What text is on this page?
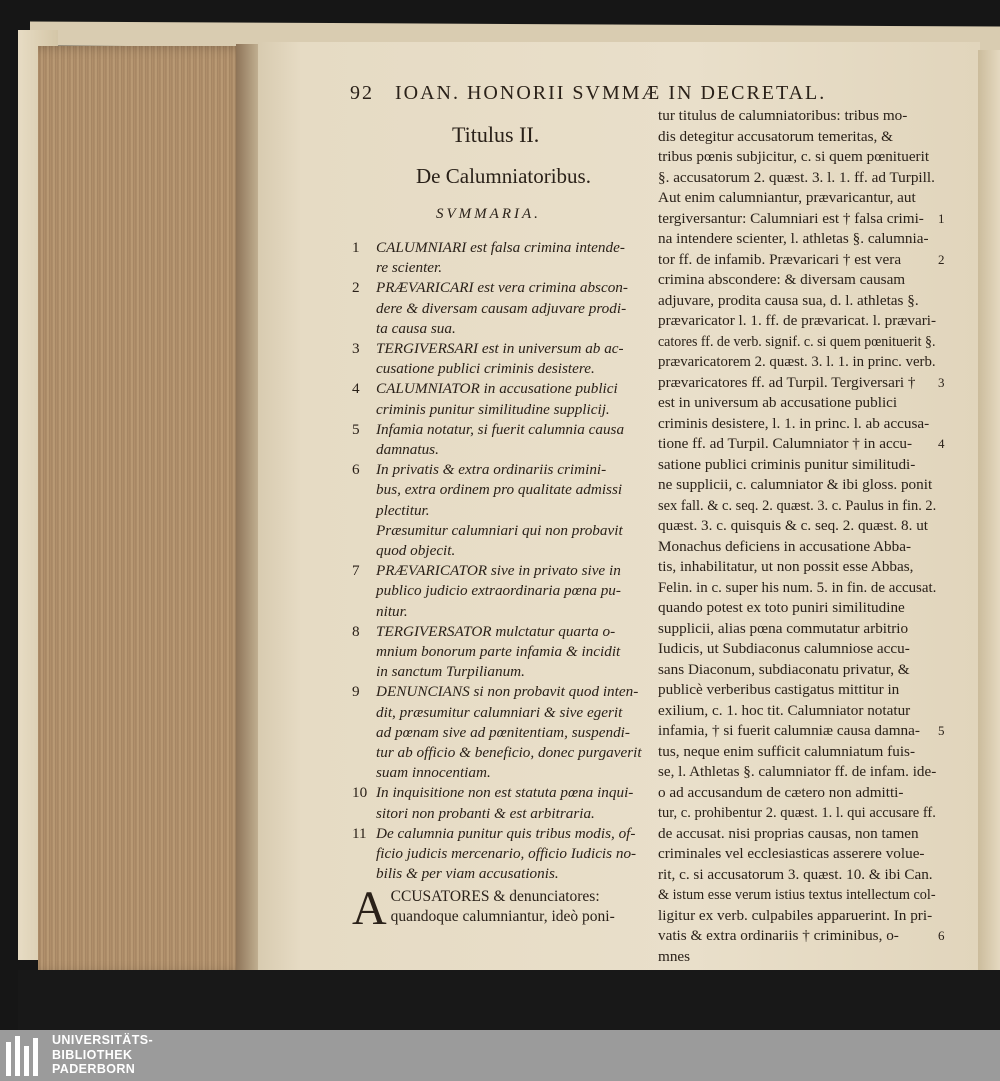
92 IOAN. HONORII SVMMÆ IN DECRETAL.
Titulus II.
De Calumniatoribus.
SVMMARIA.
1 CALUMNIARI est falsa crimina intende-
re scienter.
2 PRÆVARICARI est vera crimina abscon-
dere & diversam causam adjuvare prodi-
ta causa sua.
3 TERGIVERSARI est in universum ab ac-
cusatione publici criminis desistere.
4 CALUMNIATOR in accusatione publici
criminis punitur similitudine supplicij.
5 Infamia notatur, si fuerit calumnia causa
damnatus.
6 In privatis & extra ordinariis crimini-
bus, extra ordinem pro qualitate admissi
plectitur.
Præsumitur calumniari qui non probavit
quod objecit.
7 PRÆVARICATOR sive in privato sive in
publico judicio extraordinaria pœna pu-
nitur.
8 TERGIVERSATOR mulctatur quarta o-
mnium bonorum parte infamia & incidit
in sanctum Turpilianum.
9 DENUNCIANS si non probavit quod inten-
dit, præsumitur calumniari & sive egerit
ad pœnam sive ad pœnitentiam, suspendi-
tur ab officio & beneficio, donec purgaverit
suam innocentiam.
10 In inquisitione non est statuta pœna inqui-
sitori non probanti & est arbitraria.
11 De calumnia punitur quis tribus modis, of-
ficio judicis mercenario, officio Iudicis no-
bilis & per viam accusationis.
A CCUSATORES & denunciatores:
quandoque calumniantur, ideò poni-
tur titulus de calumniatoribus: tribus mo-
dis detegitur accusatorum temeritas, &
tribus pœnis subjicitur, c. si quem pœnituerit
§. accusatorum 2. quæst. 3. l. 1. ff. ad Turpill.
Aut enim calumniantur, prævaricantur, aut
tergiversantur: Calumniari est † falsa crimi-
na intendere scienter, l. athletas §. calumnia-
tor ff. de infamib. Prævaricari † est vera
crimina abscondere: & diversam causam
adjuvare, prodita causa sua, d. l. athletas §.
prævaricator l. 1. ff. de prævaricat. l. prævari-
catores ff. de verb. signif. c. si quem pœnituerit §.
prævaricatorem 2. quæst. 3. l. 1. in princ. verb.
prævaricatores ff. ad Turpil. Tergiversari †
est in universum ab accusatione publici
criminis desistere, l. 1. in princ. l. ab accusa-
tione ff. ad Turpil. Calumniator † in accu-
satione publici criminis punitur similitudi-
ne supplicii, c. calumniator & ibi gloss. ponit
sex fall. & c. seq. 2. quæst. 3. c. Paulus in fin. 2.
quæst. 3. c. quisquis & c. seq. 2. quæst. 8. ut
Monachus deficiens in accusatione Abba-
tis, inhabilitatur, ut non possit esse Abbas,
Felin. in c. super his num. 5. in fin. de accusat.
quando potest ex toto puniri similitudine
supplicii, alias pœna commutatur arbitrio
Iudicis, ut Subdiaconus calumniose accu-
sans Diaconum, subdiaconatu privatur, &
publicè verberibus castigatus mittitur in
exilium, c. 1. hoc tit. Calumniator notatur
infamia, † si fuerit calumniæ causa damna-
tus, neque enim sufficit calumniatum fuis-
se, l. Athletas §. calumniator ff. de infam. ide-
o ad accusandum de cætero non admitti-
tur, c. prohibentur 2. quæst. 1. l. qui accusare ff.
de accusat. nisi proprias causas, non tamen
criminales vel ecclesiasticas asserere volue-
rit, c. si accusatorum 3. quæst. 10. & ibi Can.
& istum esse verum istius textus intellectum col-
ligitur ex verb. culpabiles apparuerint. In pri-
vatis & extra ordinariis † criminibus, o-
mnes
1
2
3
4
5
6
UNIVERSITÄTS-
BIBLIOTHEK
PADERBORN
